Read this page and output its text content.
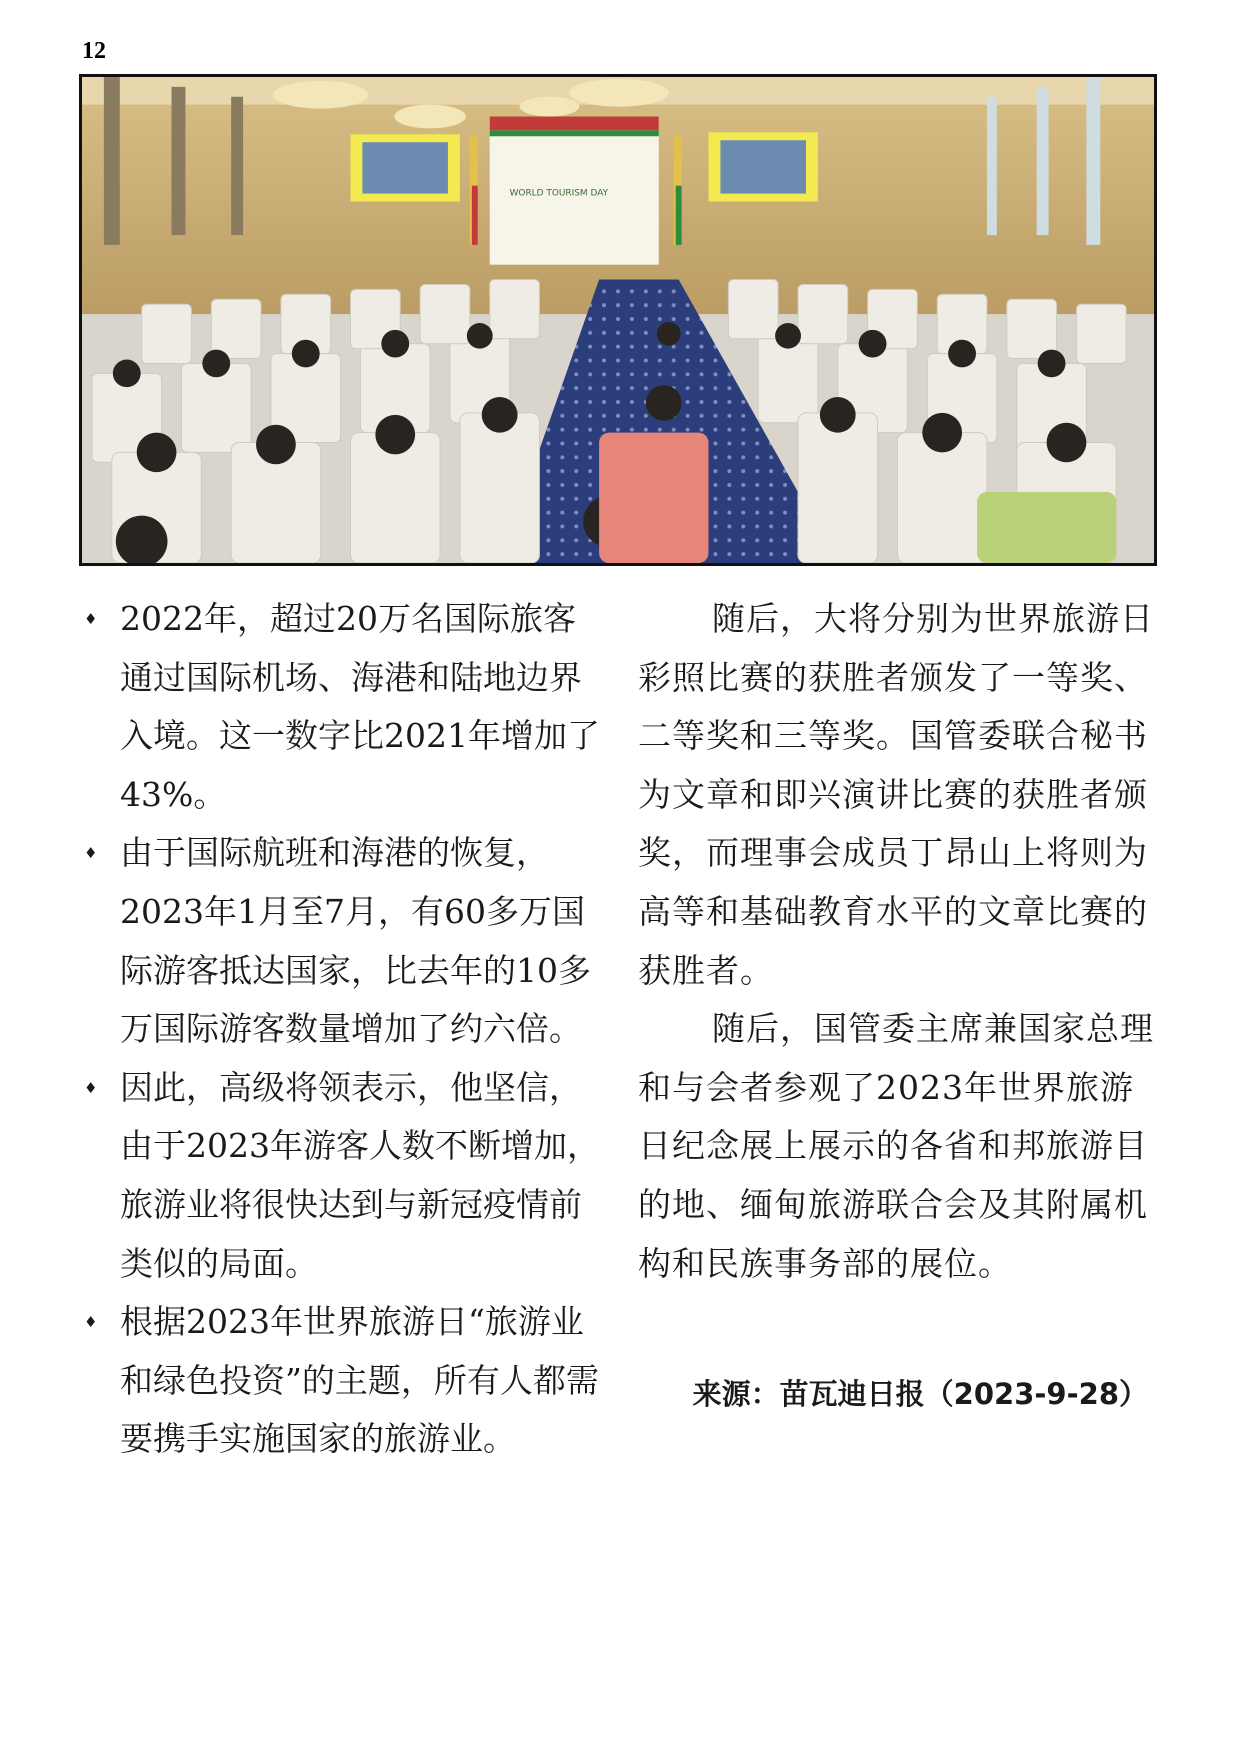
12
WORLD TOURISM DAY
♦ 2022年，超过20万名国际旅客通过国际机场、海港和陆地边界入境。这一数字比2021年增加了43%。
♦ 由于国际航班和海港的恢复，2023年1月至7月，有60多万国际游客抵达国家，比去年的10多万国际游客数量增加了约六倍。
♦ 因此，高级将领表示，他坚信，由于2023年游客人数不断增加，旅游业将很快达到与新冠疫情前类似的局面。
♦ 根据2023年世界旅游日“旅游业和绿色投资”的主题，所有人都需要携手实施国家的旅游业。

随后，大将分别为世界旅游日彩照比赛的获胜者颁发了一等奖、二等奖和三等奖。国管委联合秘书为文章和即兴演讲比赛的获胜者颁奖，而理事会成员丁昂山上将则为高等和基础教育水平的文章比赛的获胜者。

随后，国管委主席兼国家总理和与会者参观了2023年世界旅游日纪念展上展示的各省和邦旅游目的地、缅甸旅游联合会及其附属机构和民族事务部的展位。

来源：苗瓦迪日报（2023-9-28）
